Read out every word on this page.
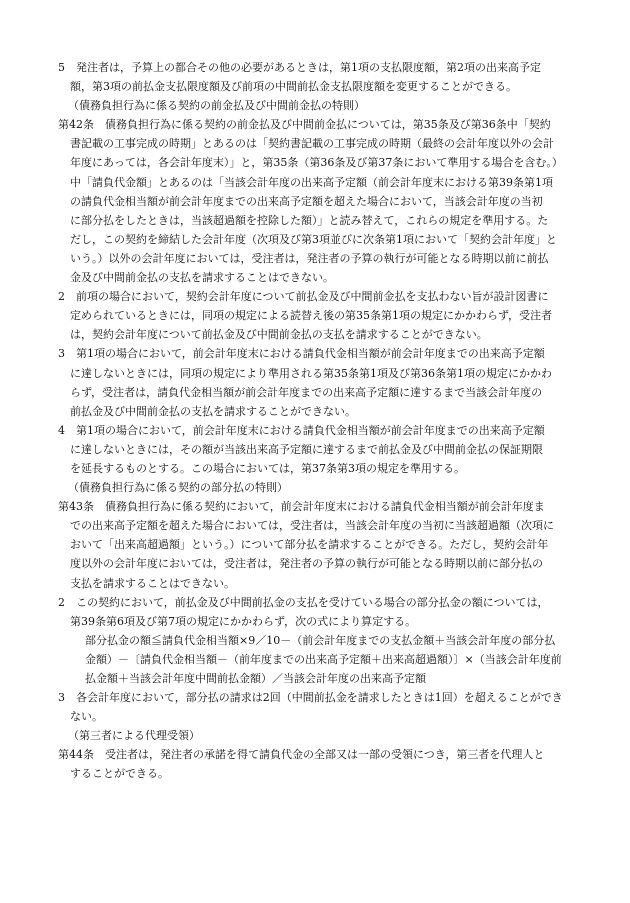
5　発注者は，予算上の都合その他の必要があるときは，第1項の支払限度額，第2項の出来高予定
額，第3項の前払金支払限度額及び前項の中間前払金支払限度額を変更することができる。
（債務負担行為に係る契約の前金払及び中間前金払の特則）
第42条　債務負担行為に係る契約の前金払及び中間前金払については，第35条及び第36条中「契約
書記載の工事完成の時期」とあるのは「契約書記載の工事完成の時期（最終の会計年度以外の会計
年度にあっては，各会計年度末）」と，第35条（第36条及び第37条において準用する場合を含む。）
中「請負代金額」とあるのは「当該会計年度の出来高予定額（前会計年度末における第39条第1項
の請負代金相当額が前会計年度までの出来高予定額を超えた場合において，当該会計年度の当初
に部分払をしたときは，当該超過額を控除した額）」と読み替えて，これらの規定を準用する。た
だし，この契約を締結した会計年度（次項及び第3項並びに次条第1項において「契約会計年度」と
いう。）以外の会計年度においては，受注者は，発注者の予算の執行が可能となる時期以前に前払
金及び中間前金払の支払を請求することはできない。
2　前項の場合において，契約会計年度について前払金及び中間前金払を支払わない旨が設計図書に
定められているときには，同項の規定による読替え後の第35条第1項の規定にかかわらず，受注者
は，契約会計年度について前払金及び中間前金払の支払を請求することができない。
3　第1項の場合において，前会計年度末における請負代金相当額が前会計年度までの出来高予定額
に達しないときには，同項の規定により準用される第35条第1項及び第36条第1項の規定にかかわ
らず，受注者は，請負代金相当額が前会計年度までの出来高予定額に達するまで当該会計年度の
前払金及び中間前金払の支払を請求することができない。
4　第1項の場合において，前会計年度末における請負代金相当額が前会計年度までの出来高予定額
に達しないときには，その額が当該出来高予定額に達するまで前払金及び中間前金払の保証期限
を延長するものとする。この場合においては，第37条第3項の規定を準用する。
（債務負担行為に係る契約の部分払の特則）
第43条　債務負担行為に係る契約において，前会計年度末における請負代金相当額が前会計年度ま
での出来高予定額を超えた場合においては，受注者は，当該会計年度の当初に当該超過額（次項に
おいて「出来高超過額」という。）について部分払を請求することができる。ただし，契約会計年
度以外の会計年度においては，受注者は，発注者の予算の執行が可能となる時期以前に部分払の
支払を請求することはできない。
2　この契約において，前払金及び中間前払金の支払を受けている場合の部分払金の額については，
第39条第6項及び第7項の規定にかかわらず，次の式により算定する。
部分払金の額≦請負代金相当額×9／10－（前会計年度までの支払金額＋当該会計年度の部分払
金額）－〔請負代金相当額－（前年度までの出来高予定額＋出来高超過額）〕×（当該会計年度前
払金額＋当該会計年度中間前払金額）／当該会計年度の出来高予定額
3　各会計年度において，部分払の請求は2回（中間前払金を請求したときは1回）を超えることができ
ない。
（第三者による代理受領）
第44条　受注者は，発注者の承諾を得て請負代金の全部又は一部の受領につき，第三者を代理人と
することができる。
